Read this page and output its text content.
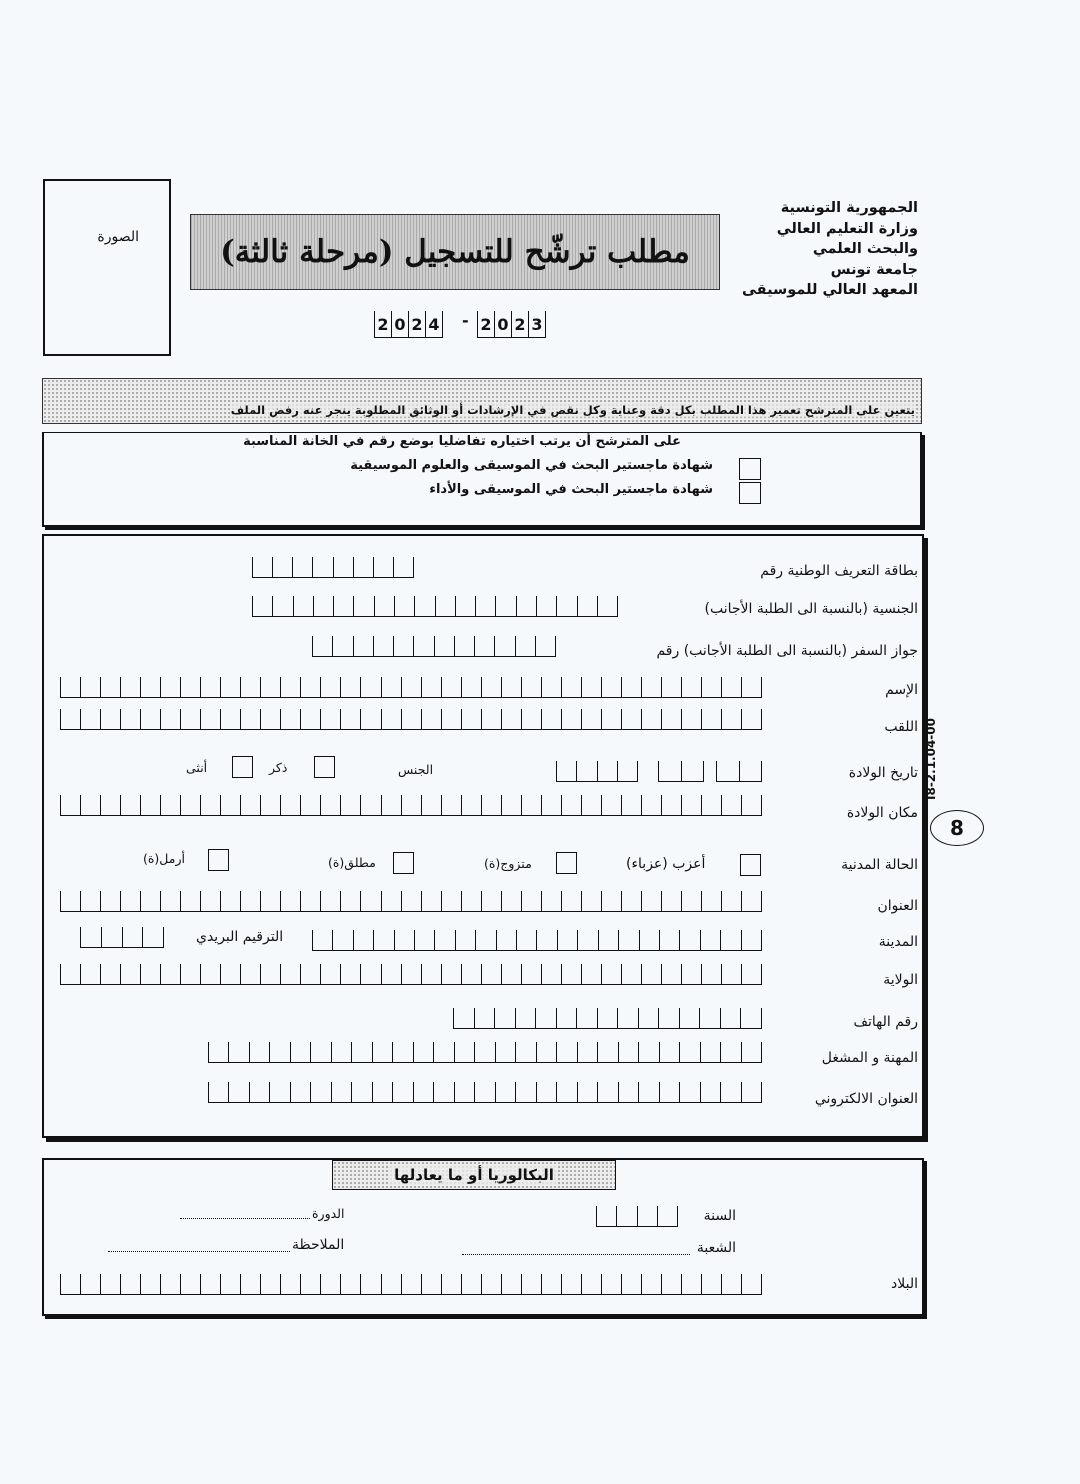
الصورة	مطلب ترشّح للتسجيل (مرحلة ثالثة)
2 0 2 4 - 2 0 2 3
الجمهورية التونسية
وزارة التعليم العالي
والبحث العلمي
جامعة تونس
المعهد العالي للموسيقى
يتعين على المترشح تعمير هذا المطلب بكل دقة وعناية وكل نقص في الإرشادات أو الوثائق المطلوبة ينجر عنه رفض الملف
على المترشح أن يرتب اختياره تفاضليا بوضع رقم في الخانة المناسبة
شهادة ماجستير البحث في الموسيقى والعلوم الموسيقية
شهادة ماجستير البحث في الموسيقى والأداء
بطاقة التعريف الوطنية رقم
الجنسية (بالنسبة الى الطلبة الأجانب)
جواز السفر (بالنسبة الى الطلبة الأجانب) رقم
الإسم
اللقب
تاريخ الولادة
الجنس
ذكر
أنثى
مكان الولادة
الحالة المدنية
أعزب (عزباء)
متزوج(ة)
مطلق(ة)
أرمل(ة)
العنوان
المدينة
الترقيم البريدي
الولاية
رقم الهاتف
المهنة و المشغل
العنوان الالكتروني
البكالوريا أو ما يعادلها
السنة
الدورة
الشعبة
الملاحظة
البلاد
I8-2.1.04-00
8
